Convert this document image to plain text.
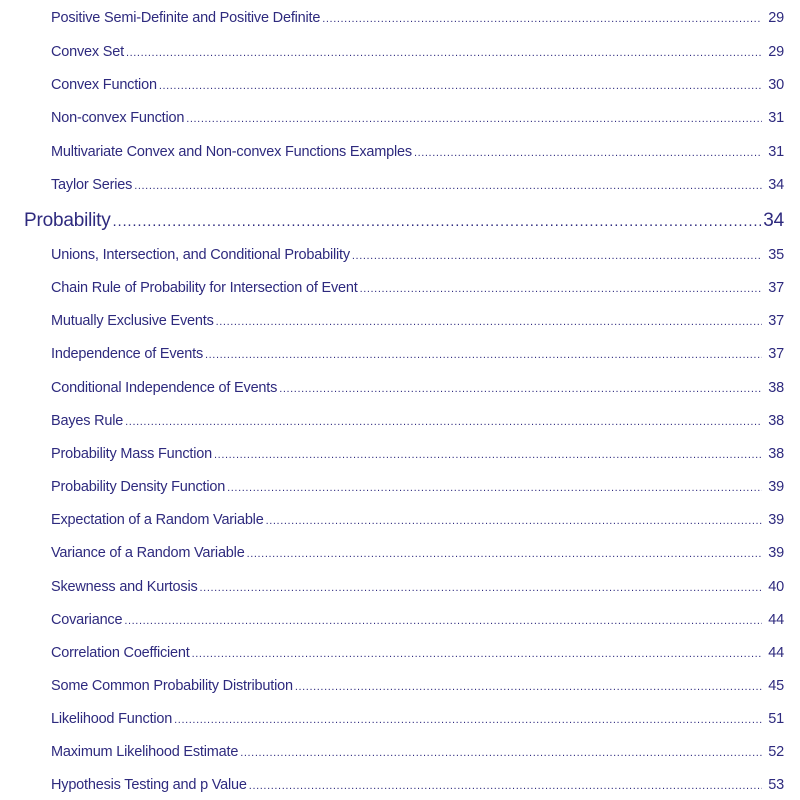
Positive Semi-Definite and Positive Definite .....	29
Convex Set .....	29
Convex Function .....	30
Non-convex Function .....	31
Multivariate Convex and Non-convex Functions Examples .....	31
Taylor Series .....	34
Probability .....	34
Unions, Intersection, and Conditional Probability .....	35
Chain Rule of Probability for Intersection of Event .....	37
Mutually Exclusive Events .....	37
Independence of Events .....	37
Conditional Independence of Events .....	38
Bayes Rule .....	38
Probability Mass Function .....	38
Probability Density Function .....	39
Expectation of a Random Variable .....	39
Variance of a Random Variable .....	39
Skewness and Kurtosis .....	40
Covariance .....	44
Correlation Coefficient .....	44
Some Common Probability Distribution .....	45
Likelihood Function .....	51
Maximum Likelihood Estimate .....	52
Hypothesis Testing and p Value .....	53
